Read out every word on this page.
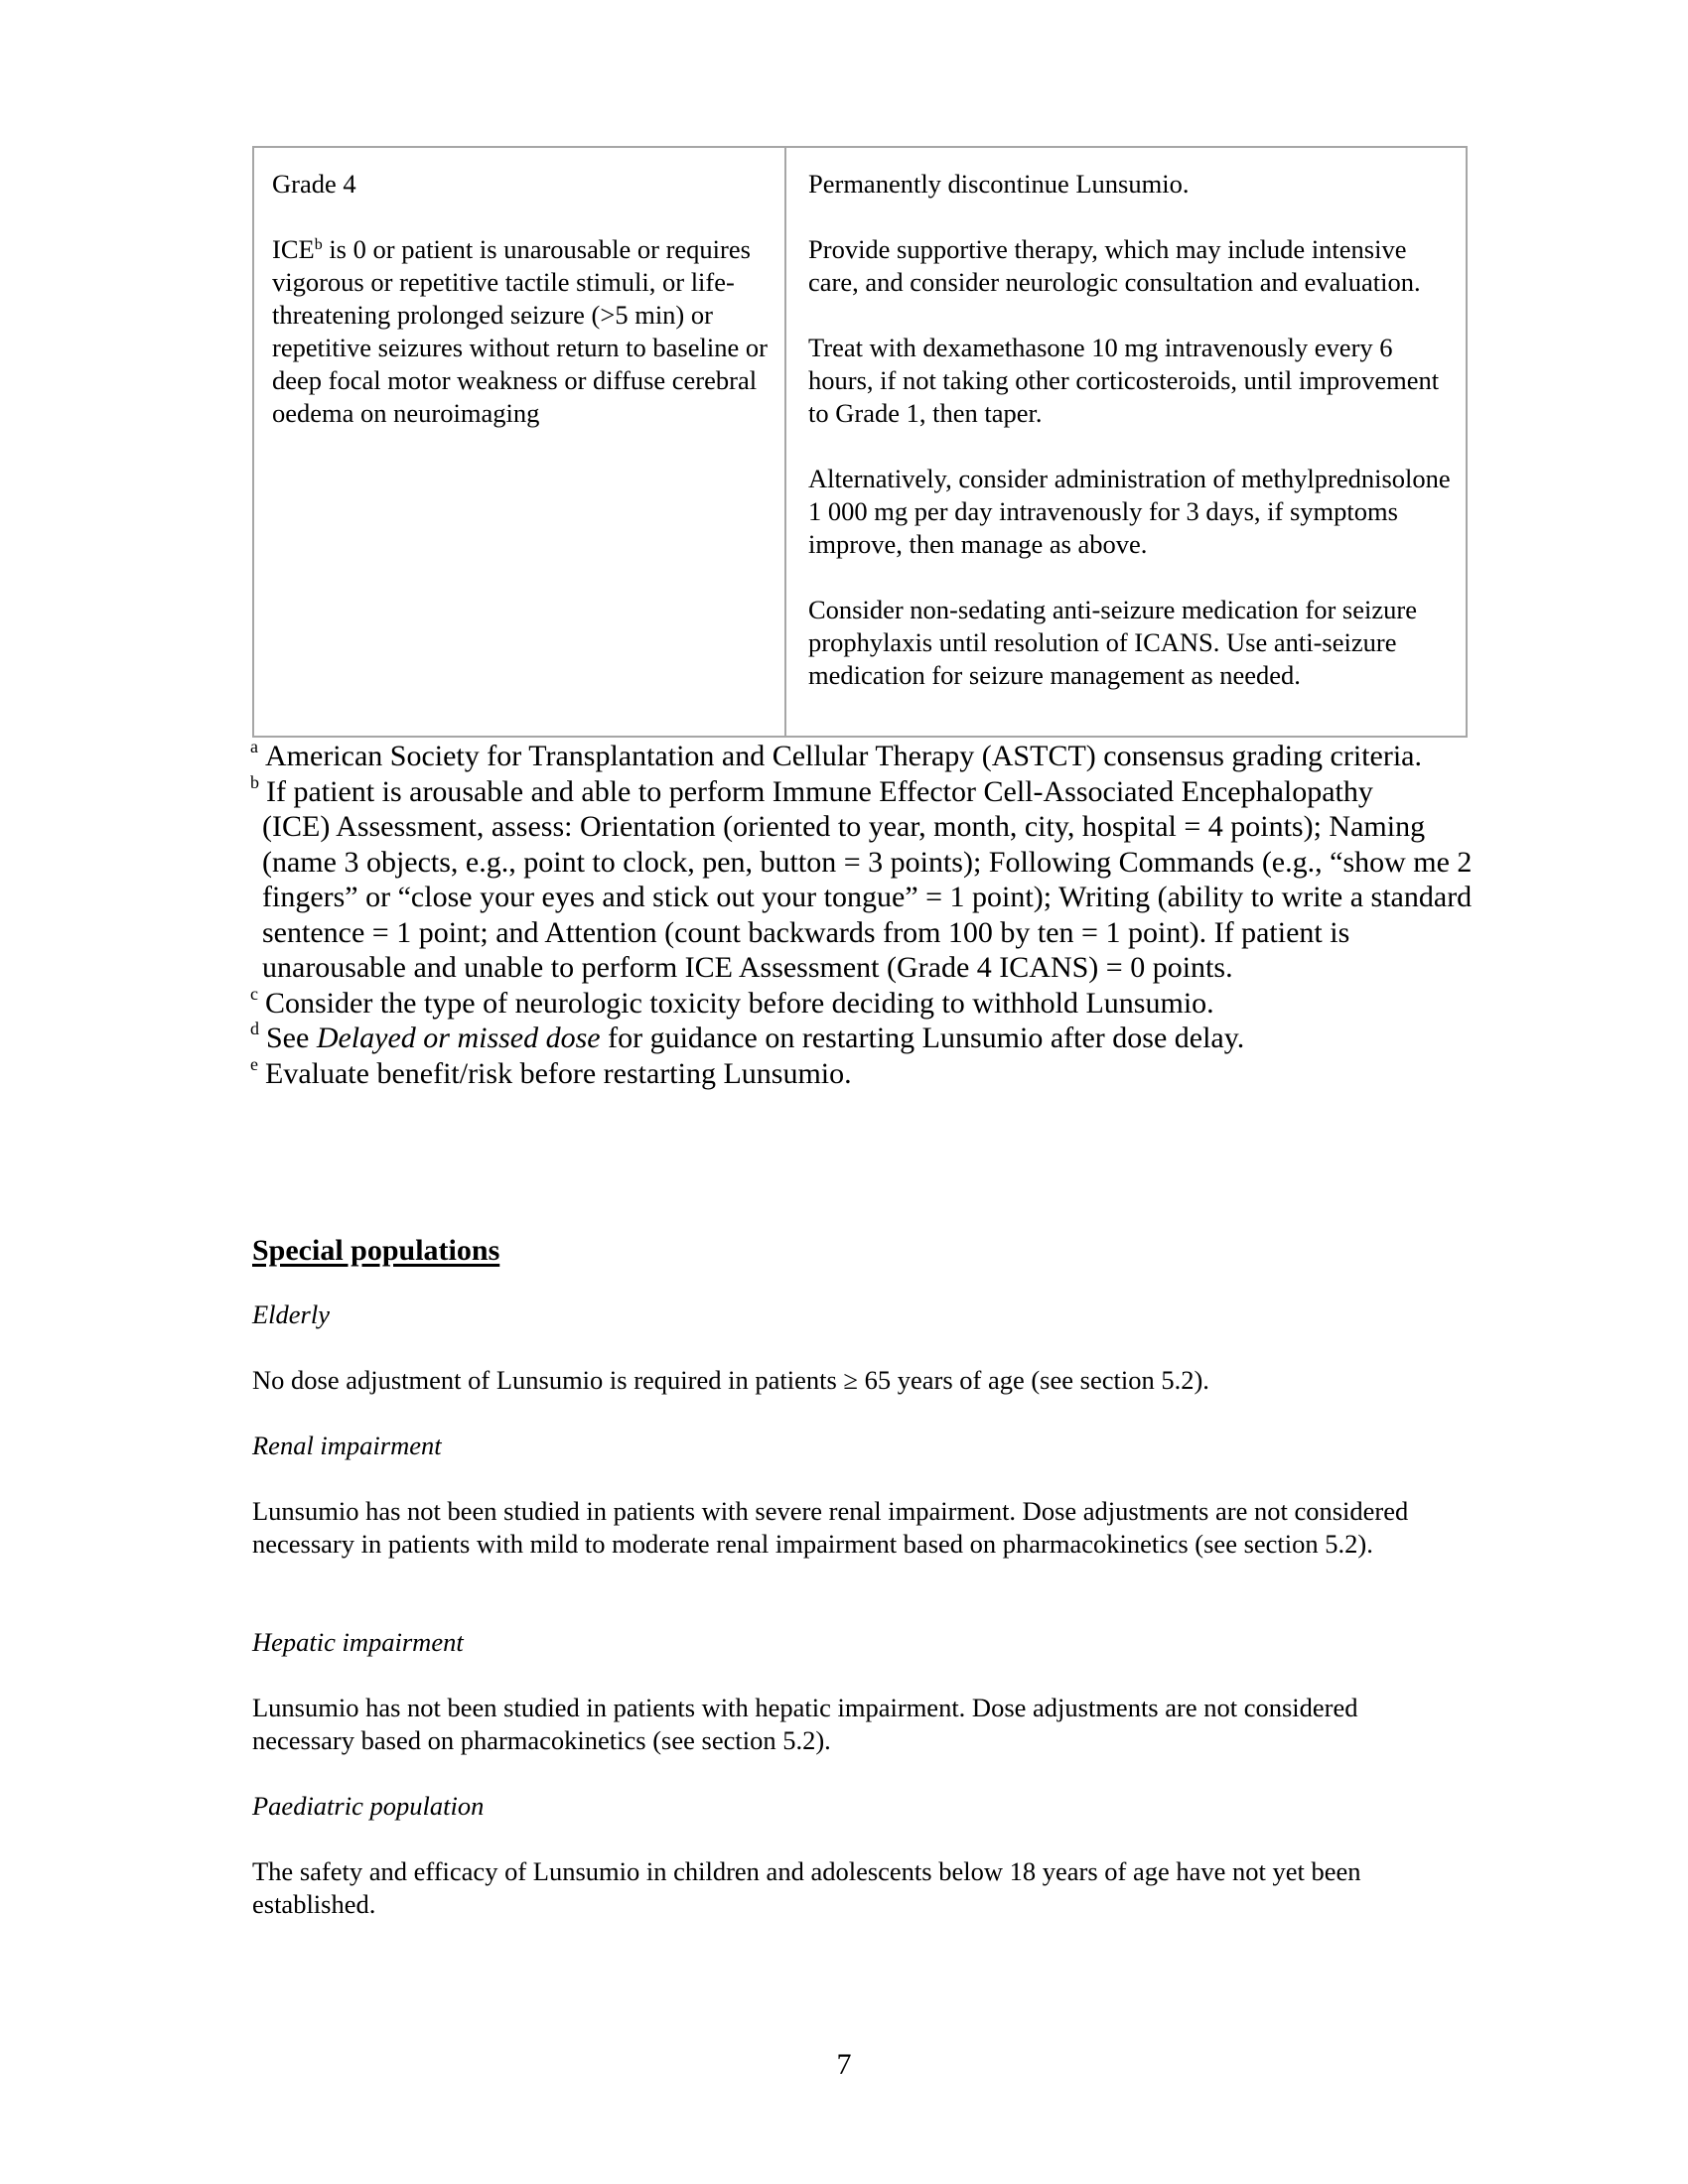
Grade 4

ICE$^b$ is 0 or patient is unarousable or requires vigorous or repetitive tactile stimuli, or life-threatening prolonged seizure (>5 min) or repetitive seizures without return to baseline or deep focal motor weakness or diffuse cerebral oedema on neuroimaging

Permanently discontinue Lunsumio.

Provide supportive therapy, which may include intensive care, and consider neurologic consultation and evaluation.

Treat with dexamethasone 10 mg intravenously every 6 hours, if not taking other corticosteroids, until improvement to Grade 1, then taper.

Alternatively, consider administration of methylprednisolone 1 000 mg per day intravenously for 3 days, if symptoms improve, then manage as above.

Consider non-sedating anti-seizure medication for seizure prophylaxis until resolution of ICANS. Use anti-seizure medication for seizure management as needed.

$^a$ American Society for Transplantation and Cellular Therapy (ASTCT) consensus grading criteria.

$^b$ If patient is arousable and able to perform Immune Effector Cell-Associated Encephalopathy

(ICE) Assessment, assess: Orientation (oriented to year, month, city, hospital = 4 points); Naming (name 3 objects, e.g., point to clock, pen, button = 3 points); Following Commands (e.g., “show me 2 fingers” or “close your eyes and stick out your tongue” = 1 point); Writing (ability to write a standard sentence = 1 point; and Attention (count backwards from 100 by ten = 1 point). If patient is unarousable and unable to perform ICE Assessment (Grade 4 ICANS) = 0 points.

$^c$ Consider the type of neurologic toxicity before deciding to withhold Lunsumio.

$^d$ See Delayed or missed dose for guidance on restarting Lunsumio after dose delay.

$^e$ Evaluate benefit/risk before restarting Lunsumio.

Special populations

Elderly

No dose adjustment of Lunsumio is required in patients ≥ 65 years of age (see section 5.2).

Renal impairment

Lunsumio has not been studied in patients with severe renal impairment. Dose adjustments are not considered necessary in patients with mild to moderate renal impairment based on pharmacokinetics (see section 5.2).

Hepatic impairment

Lunsumio has not been studied in patients with hepatic impairment. Dose adjustments are not considered necessary based on pharmacokinetics (see section 5.2).

Paediatric population

The safety and efficacy of Lunsumio in children and adolescents below 18 years of age have not yet been established.

7
